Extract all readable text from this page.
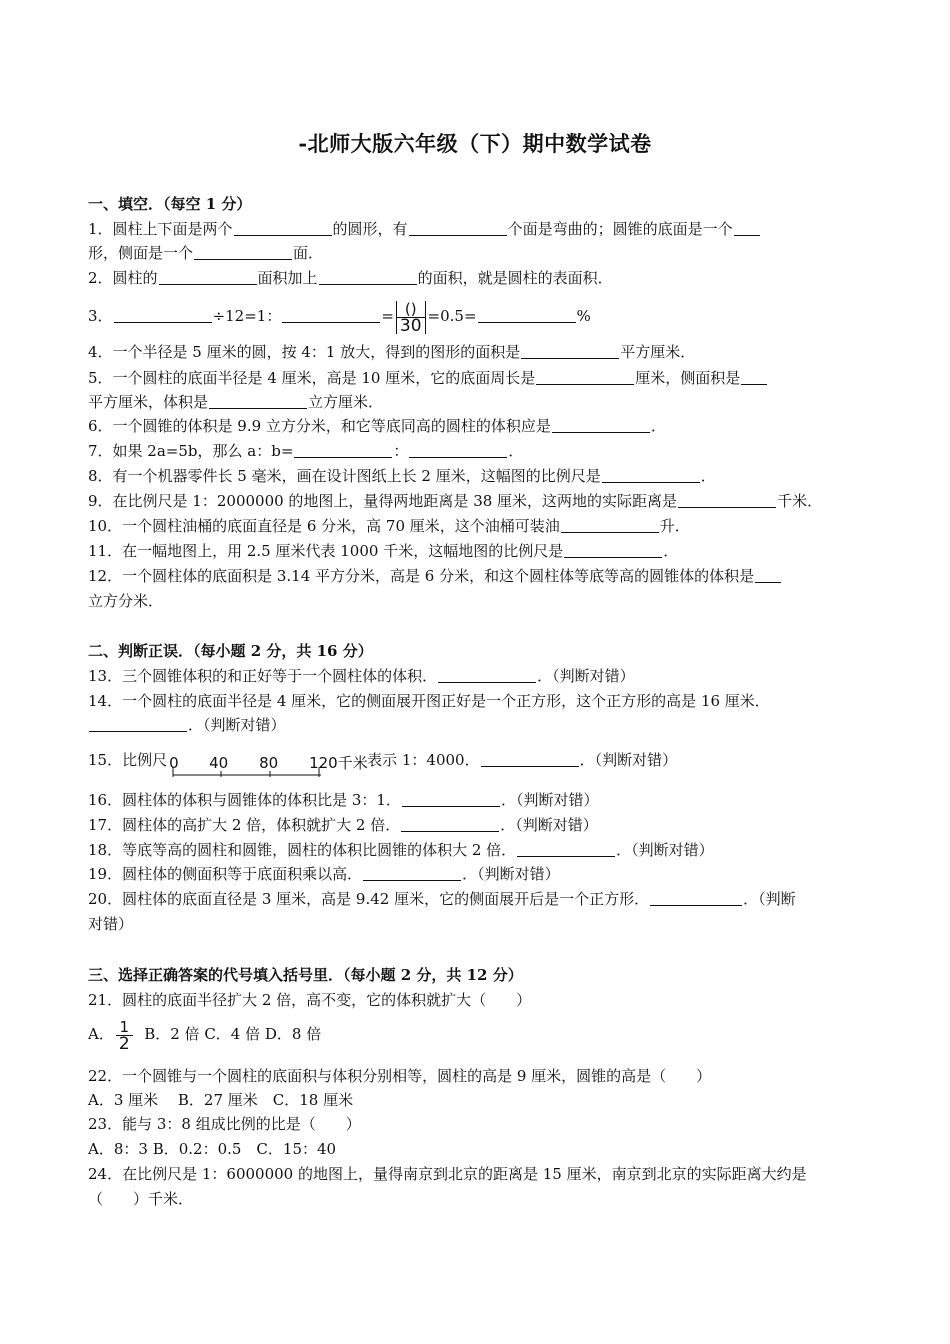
-北师大版六年级（下）期中数学试卷
一、填空．（每空 1 分）
1．圆柱上下面是两个	的圆形，有	个面是弯曲的；圆锥的底面是一个
形，侧面是一个	面．
2．圆柱的	面积加上	的面积，就是圆柱的表面积．
3．	÷12=1：	= $\frac{()}{30} =0.5=$	%
4．一个半径是 5 厘米的圆，按 4：1 放大，得到的图形的面积是	平方厘米．
5．一个圆柱的底面半径是 4 厘米，高是 10 厘米，它的底面周长是	厘米，侧面积是
平方厘米，体积是	立方厘米．
6．一个圆锥的体积是 9.9 立方分米，和它等底同高的圆柱的体积应是	．
7．如果 2a=5b，那么 a：b=	：	．
8．有一个机器零件长 5 毫米，画在设计图纸上长 2 厘米，这幅图的比例尺是	．
9．在比例尺是 1：2000000 的地图上，量得两地距离是 38 厘米，这两地的实际距离是	千米．
10．一个圆柱油桶的底面直径是 6 分米，高 70 厘米，这个油桶可装油	升．
11．在一幅地图上，用 2.5 厘米代表 1000 千米，这幅地图的比例尺是	．
12．一个圆柱体的底面积是 3.14 平方分米，高是 6 分米，和这个圆柱体等底等高的圆锥体的体积是
立方分米．
二、判断正误．（每小题 2 分，共 16 分）
13．三个圆锥体积的和正好等于一个圆柱体的体积．	．（判断对错）
14．一个圆柱的底面半径是 4 厘米，它的侧面展开图正好是一个正方形，这个正方形的高是 16 厘米．
．（判断对错）
15．比例尺 0 40 80 120千米 表示 1：4000．	．（判断对错）
16．圆柱体的体积与圆锥体的体积比是 3：1．	．（判断对错）
17．圆柱体的高扩大 2 倍，体积就扩大 2 倍．	．（判断对错）
18．等底等高的圆柱和圆锥，圆柱的体积比圆锥的体积大 2 倍．	．（判断对错）
19．圆柱体的侧面积等于底面积乘以高．	．（判断对错）
20．圆柱体的底面直径是 3 厘米，高是 9.42 厘米，它的侧面展开后是一个正方形．	．（判断
对错）
三、选择正确答案的代号填入括号里．（每小题 2 分，共 12 分）
21．圆柱的底面半径扩大 2 倍，高不变，它的体积就扩大（　　）
A． $\frac{1}{2}$ B．2 倍 C．4 倍 D．8 倍
22．一个圆锥与一个圆柱的底面积与体积分别相等，圆柱的高是 9 厘米，圆锥的高是（　　）
A．3 厘米　 B．27 厘米　C．18 厘米
23．能与 3：8 组成比例的比是（　　）
A．8：3 B．0.2：0.5　C．15：40
24．在比例尺是 1：6000000 的地图上，量得南京到北京的距离是 15 厘米，南京到北京的实际距离大约是
（　　）千米．
